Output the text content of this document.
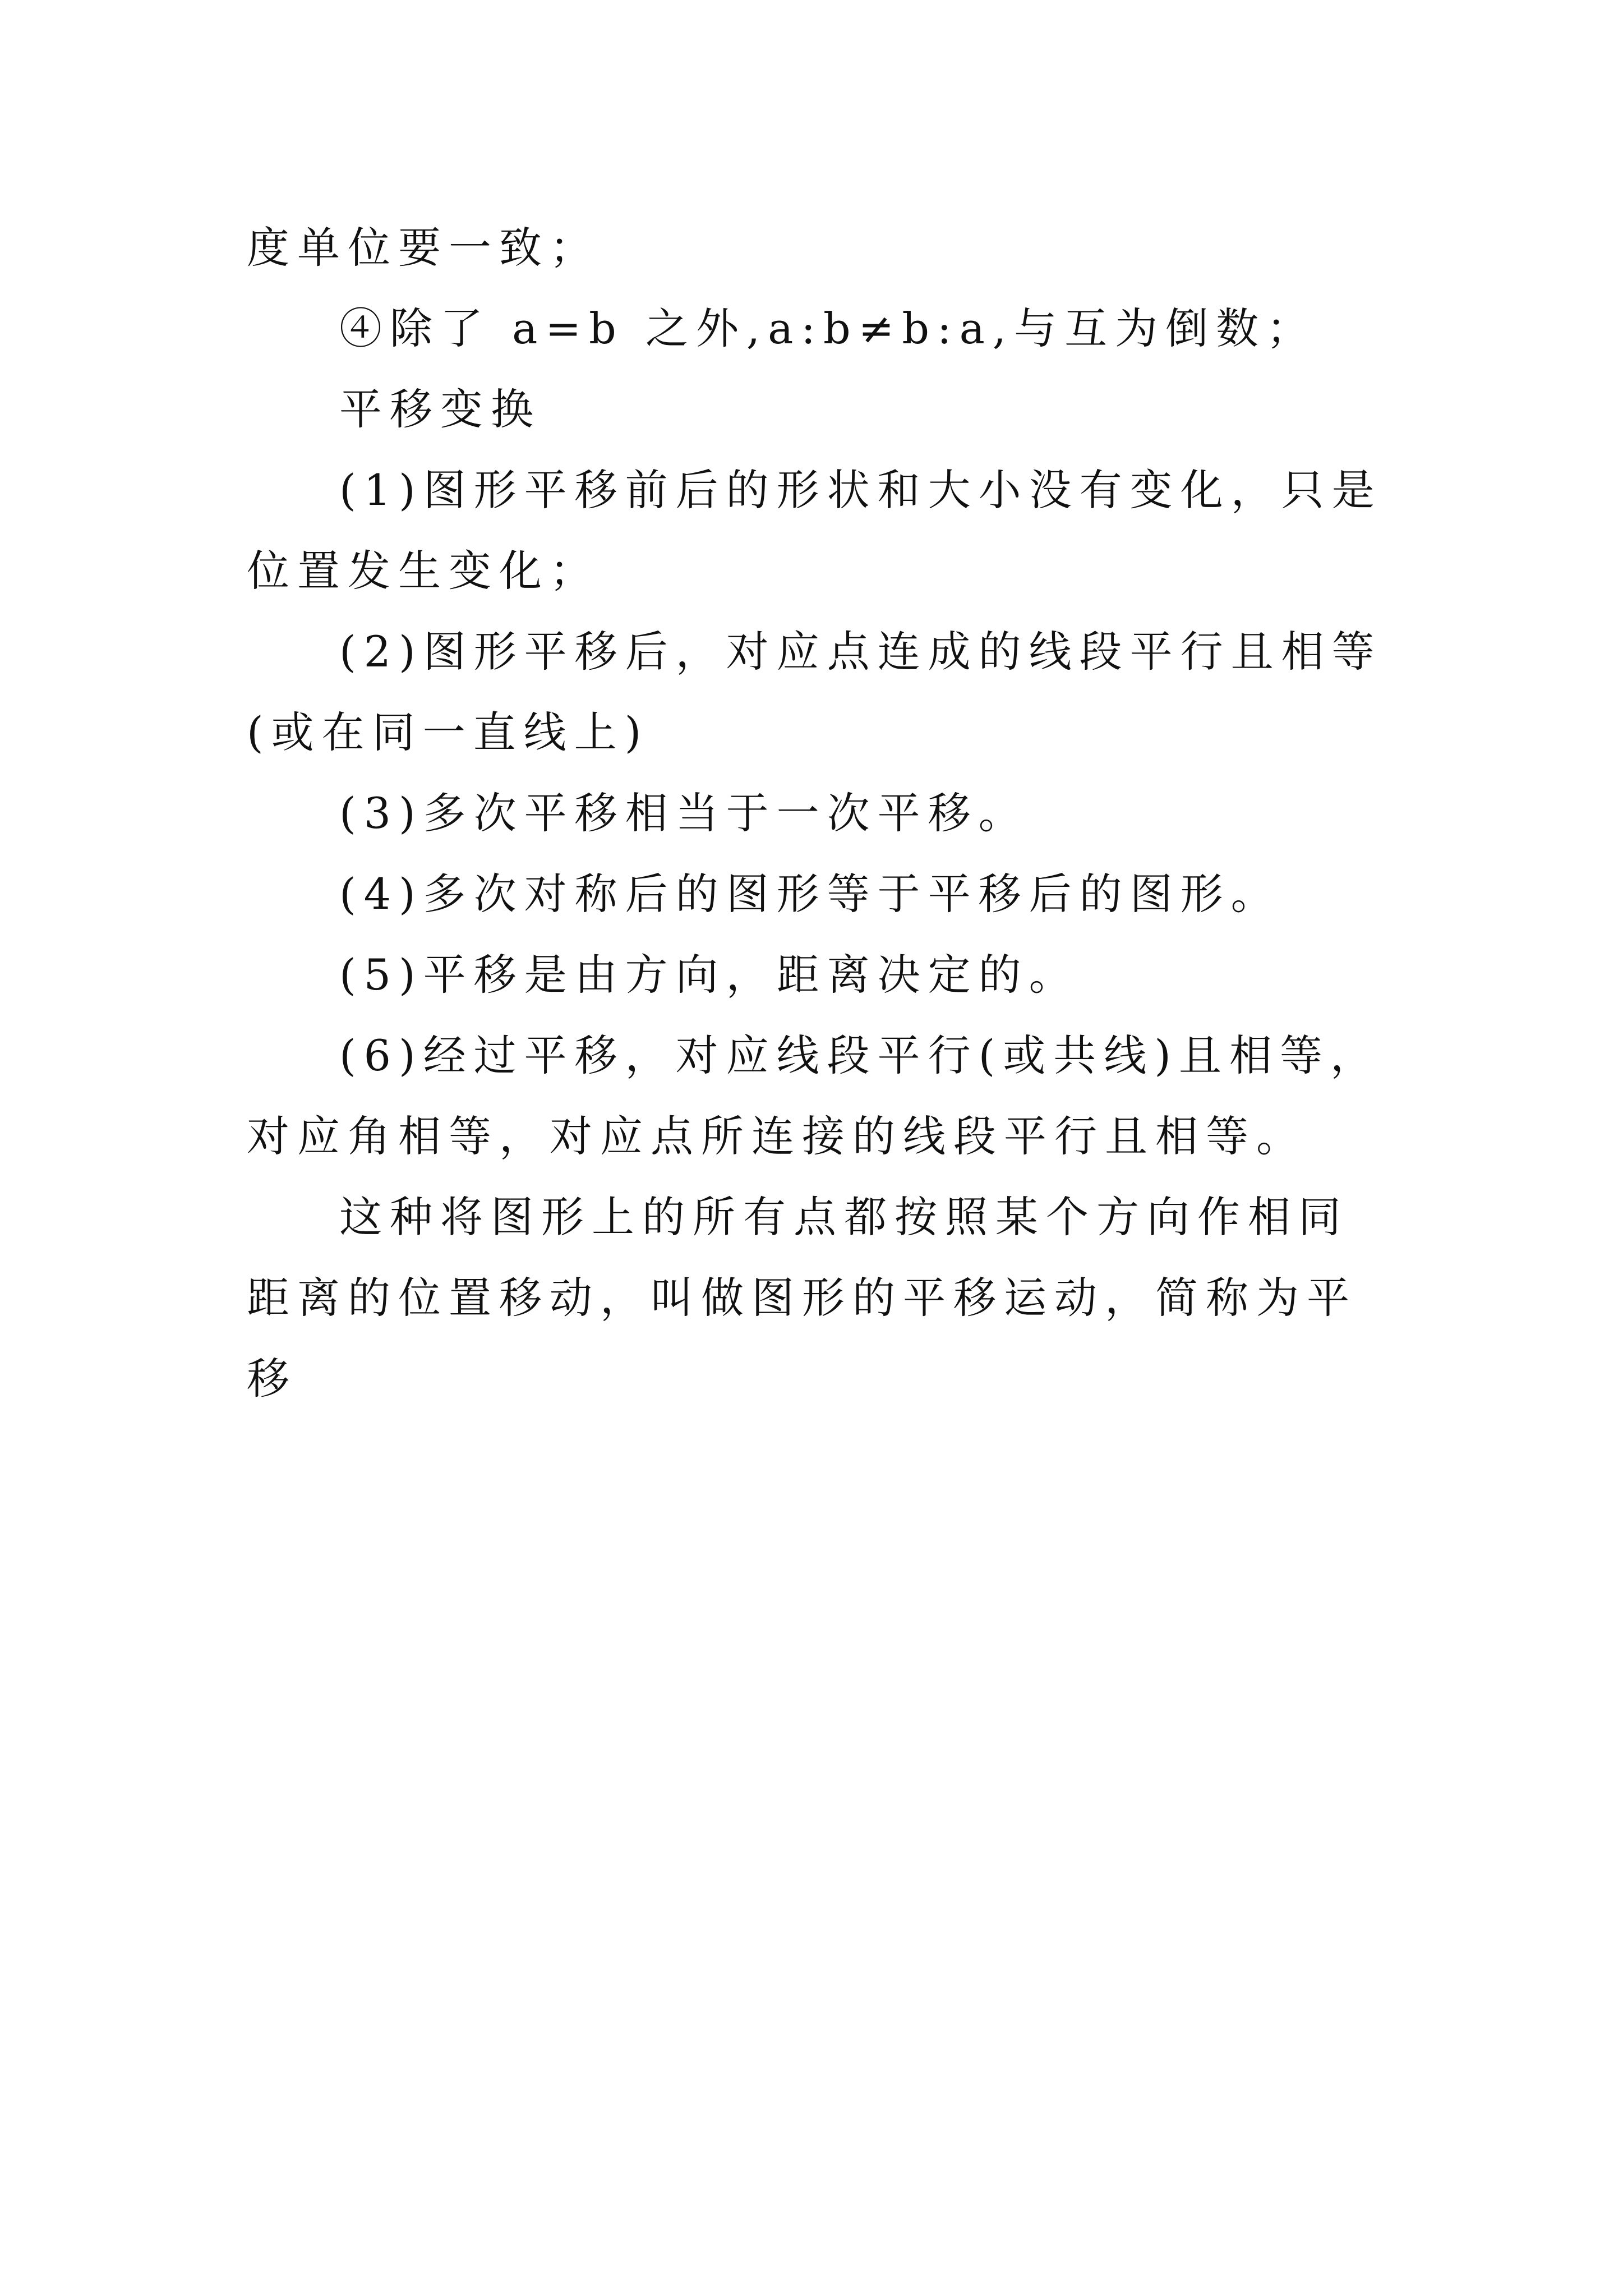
度单位要一致；

④除了 a=b 之外,a:b≠b:a,与互为倒数；

平移变换

(1)图形平移前后的形状和大小没有变化，只是位置发生变化；

(2)图形平移后，对应点连成的线段平行且相等(或在同一直线上)

(3)多次平移相当于一次平移。

(4)多次对称后的图形等于平移后的图形。

(5)平移是由方向，距离决定的。

(6)经过平移，对应线段平行(或共线)且相等，对应角相等，对应点所连接的线段平行且相等。

这种将图形上的所有点都按照某个方向作相同距离的位置移动，叫做图形的平移运动，简称为平移
